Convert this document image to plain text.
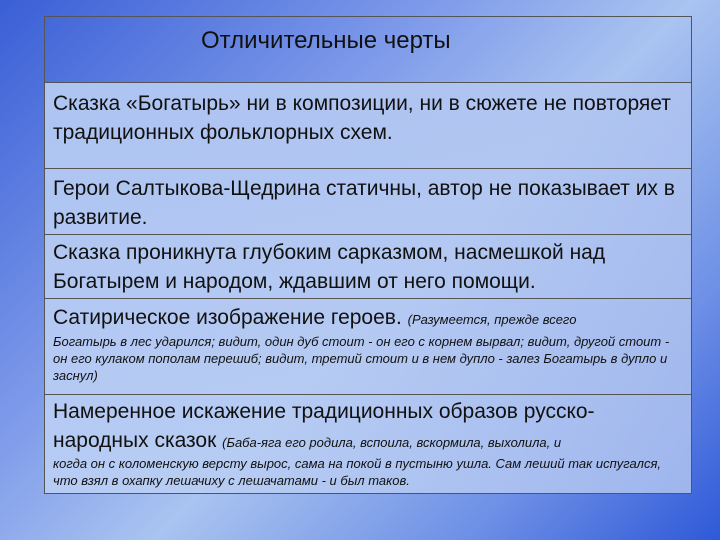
Отличительные черты
Сказка «Богатырь» ни в композиции, ни в сюжете не повторяет традиционных фольклорных схем.
Герои Салтыкова-Щедрина статичны, автор не показывает их в развитие.
Сказка проникнута глубоким сарказмом, насмешкой над Богатырем и народом, ждавшим от него помощи.
Сатирическое изображение героев. (Разумеется, прежде всего
Богатырь в лес ударился; видит, один дуб стоит - он его с корнем вырвал; видит, другой стоит - он его кулаком пополам перешиб; видит, третий стоит и в нем дупло - залез Богатырь в дупло и заснул)
Намеренное искажение традиционных образов русско-
народных сказок (Баба-яга его родила, вспоила, вскормила, выхолила, и
когда он с коломенскую версту вырос, сама на покой в пустыню ушла. Сам леший так испугался, что взял в охапку лешачиху с лешачатами - и был таков.
